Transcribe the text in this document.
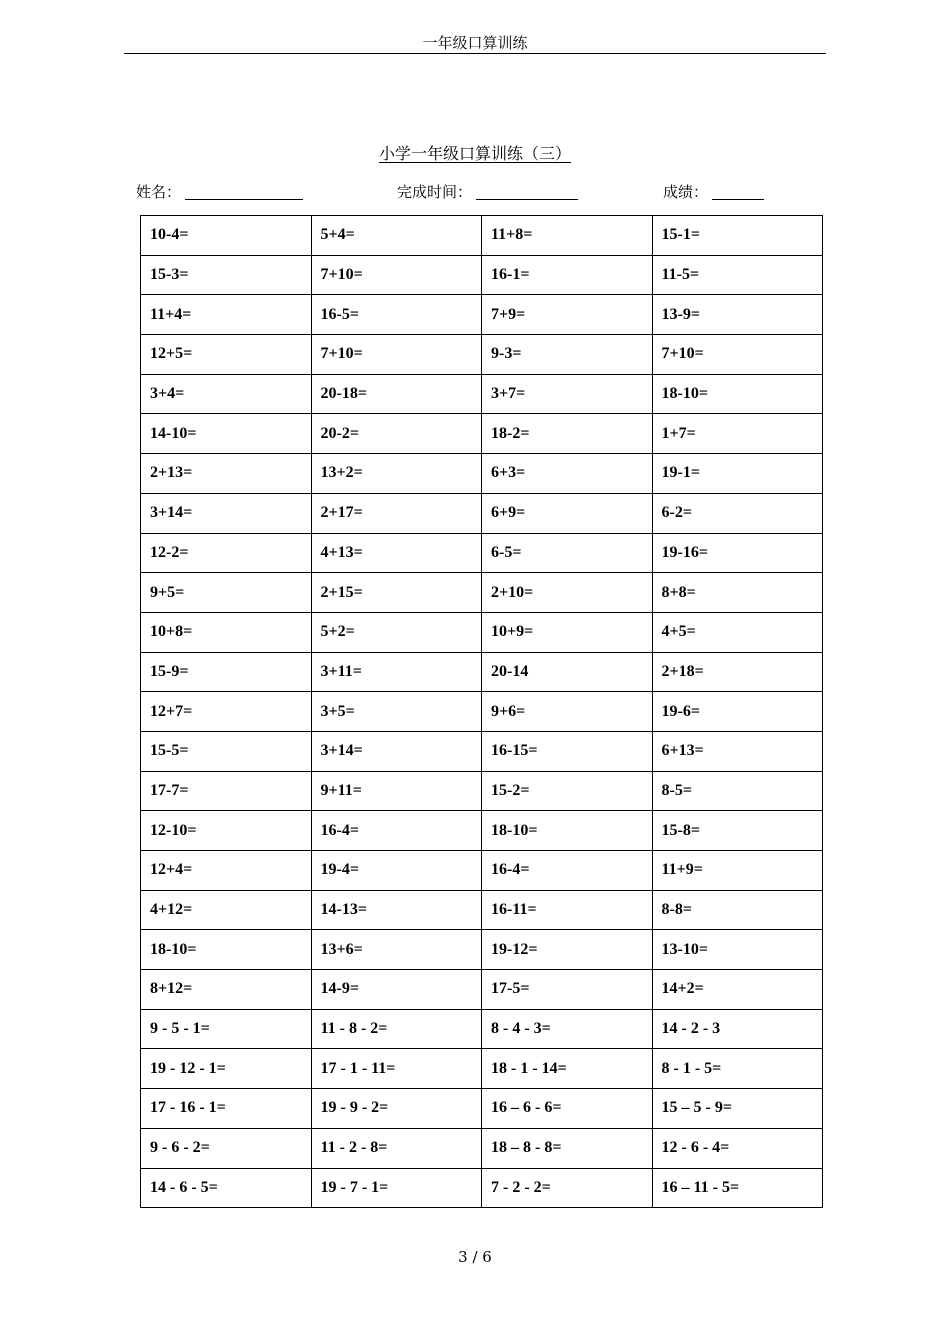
一年级口算训练
小学一年级口算训练（三）
姓名：	完成时间：	成绩：
10-4=	5+4=	11+8=	15-1=
15-3=	7+10=	16-1=	11-5=
11+4=	16-5=	7+9=	13-9=
12+5=	7+10=	9-3=	7+10=
3+4=	20-18=	3+7=	18-10=
14-10=	20-2=	18-2=	1+7=
2+13=	13+2=	6+3=	19-1=
3+14=	2+17=	6+9=	6-2=
12-2=	4+13=	6-5=	19-16=
9+5=	2+15=	2+10=	8+8=
10+8=	5+2=	10+9=	4+5=
15-9=	3+11=	20-14	2+18=
12+7=	3+5=	9+6=	19-6=
15-5=	3+14=	16-15=	6+13=
17-7=	9+11=	15-2=	8-5=
12-10=	16-4=	18-10=	15-8=
12+4=	19-4=	16-4=	11+9=
4+12=	14-13=	16-11=	8-8=
18-10=	13+6=	19-12=	13-10=
8+12=	14-9=	17-5=	14+2=
9 - 5 - 1=	11 - 8 - 2=	8 - 4 - 3=	14 - 2 - 3
19 - 12 - 1=	17 - 1 - 11=	18 - 1 - 14=	8 - 1 - 5=
17 - 16 - 1=	19 - 9 - 2=	16 – 6 - 6=	15 – 5 - 9=
9 - 6 - 2=	11 - 2 - 8=	18 – 8 - 8=	12 - 6 - 4=
14 - 6 - 5=	19 - 7 - 1=	7 - 2 - 2=	16 – 11 - 5=
3 / 6
